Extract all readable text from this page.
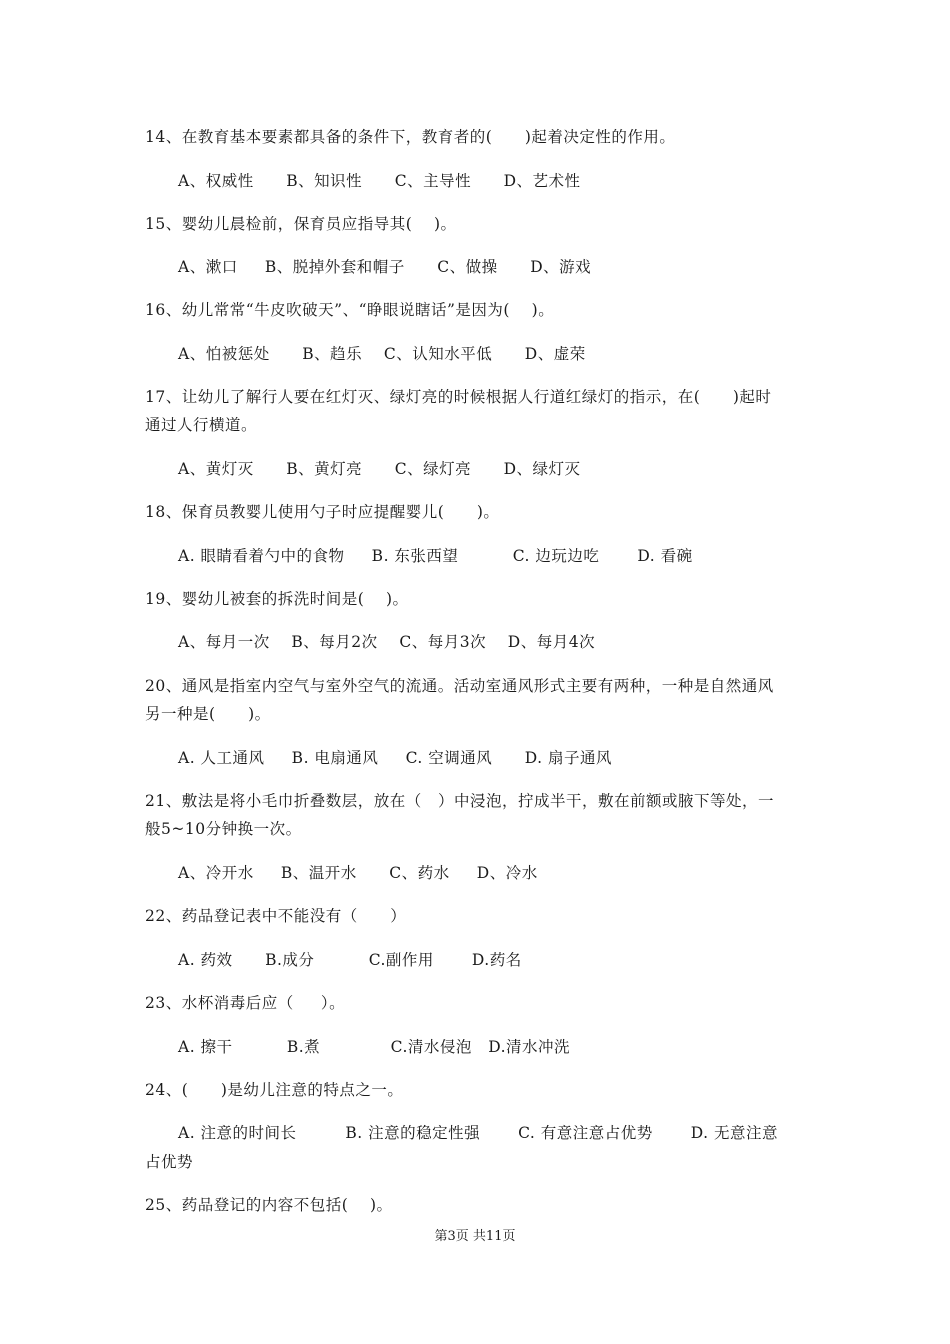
14、在教育基本要素都具备的条件下，教育者的(      )起着决定性的作用。
A、权威性      B、知识性      C、主导性      D、艺术性
15、婴幼儿晨检前，保育员应指导其(    )。
A、漱口     B、脱掉外套和帽子      C、做操      D、游戏
16、幼儿常常“牛皮吹破天”、“睁眼说瞎话”是因为(    )。
A、怕被惩处      B、趋乐    C、认知水平低      D、虚荣
17、让幼儿了解行人要在红灯灭、绿灯亮的时候根据人行道红绿灯的指示，在(      )起时
通过人行横道。
A、黄灯灭      B、黄灯亮      C、绿灯亮      D、绿灯灭
18、保育员教婴儿使用勺子时应提醒婴儿(      )。
A. 眼睛看着勺中的食物     B. 东张西望          C. 边玩边吃       D. 看碗
19、婴幼儿被套的拆洗时间是(    )。
A、每月一次    B、每月2次    C、每月3次    D、每月4次
20、通风是指室内空气与室外空气的流通。活动室通风形式主要有两种，一种是自然通风
另一种是(      )。
A. 人工通风     B. 电扇通风     C. 空调通风      D. 扇子通风
21、敷法是将小毛巾折叠数层，放在（   ）中浸泡，拧成半干，敷在前额或腋下等处，一
般5~10分钟换一次。
A、冷开水     B、温开水      C、药水     D、冷水
22、药品登记表中不能没有（      ）
A. 药效      B.成分          C.副作用       D.药名
23、水杯消毒后应（     ）。
A. 擦干          B.煮             C.清水侵泡   D.清水冲洗
24、(      )是幼儿注意的特点之一。
A. 注意的时间长         B. 注意的稳定性强       C. 有意注意占优势       D. 无意注意
占优势
25、药品登记的内容不包括(    )。
第3页 共11页
